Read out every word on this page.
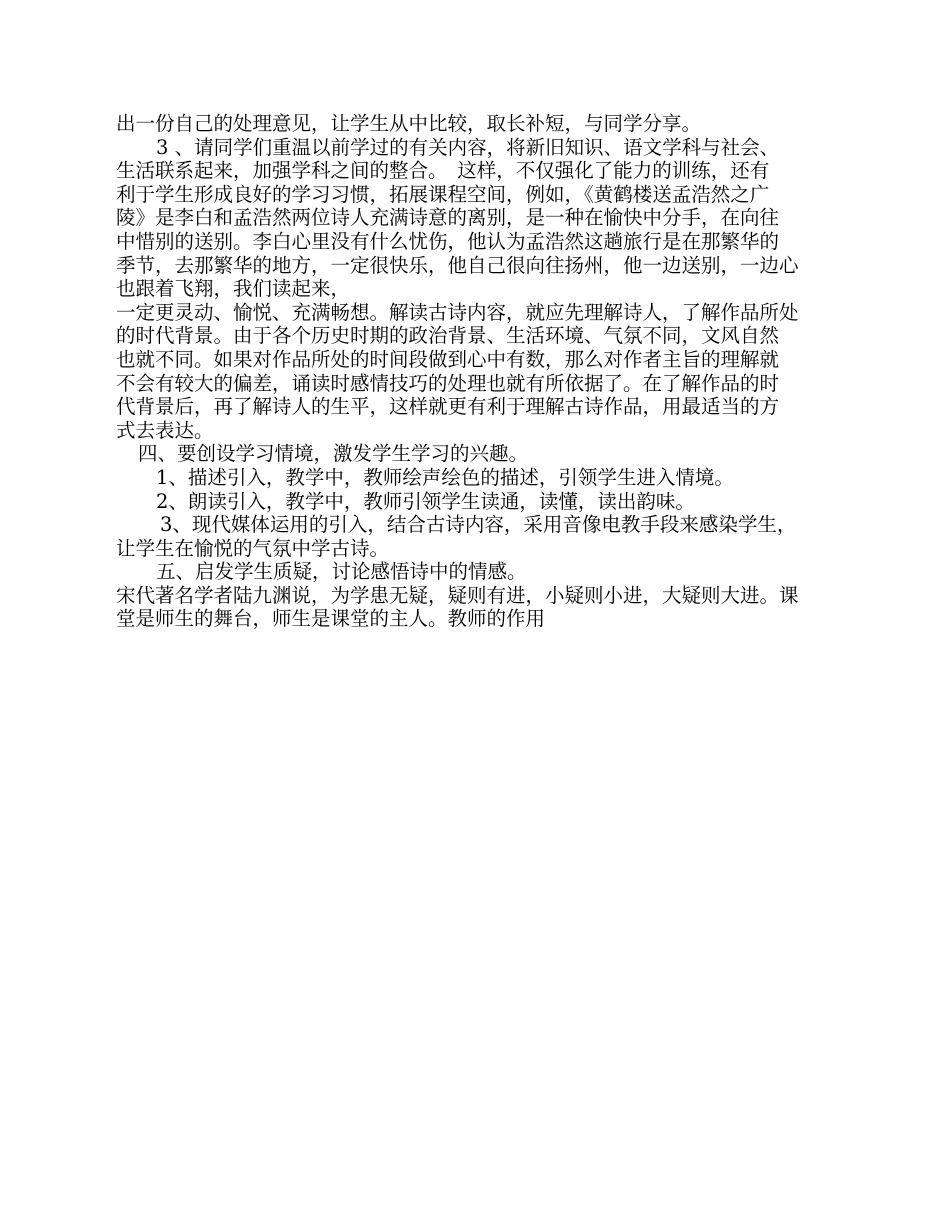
出一份自己的处理意见，让学生从中比较，取长补短，与同学分享。
3 、请同学们重温以前学过的有关内容，将新旧知识、语文学科与社会、
生活联系起来，加强学科之间的整合。　这样，不仅强化了能力的训练，还有
利于学生形成良好的学习习惯，拓展课程空间，例如，《黄鹤楼送孟浩然之广
陵》是李白和孟浩然两位诗人充满诗意的离别，是一种在愉快中分手，在向往
中惜别的送别。李白心里没有什么忧伤，他认为孟浩然这趟旅行是在那繁华的
季节，去那繁华的地方，一定很快乐，他自己很向往扬州，他一边送别，一边心
也跟着飞翔，我们读起来，
一定更灵动、愉悦、充满畅想。解读古诗内容，就应先理解诗人，了解作品所处
的时代背景。由于各个历史时期的政治背景、生活环境、气氛不同，文风自然
也就不同。如果对作品所处的时间段做到心中有数，那么对作者主旨的理解就
不会有较大的偏差，诵读时感情技巧的处理也就有所依据了。在了解作品的时
代背景后，再了解诗人的生平，这样就更有利于理解古诗作品，用最适当的方
式去表达。
四、要创设学习情境，激发学生学习的兴趣。
1、描述引入，教学中，教师绘声绘色的描述，引领学生进入情境。
2、朗读引入，教学中，教师引领学生读通，读懂，读出韵味。
3、现代媒体运用的引入，结合古诗内容，采用音像电教手段来感染学生，
让学生在愉悦的气氛中学古诗。
五、启发学生质疑，讨论感悟诗中的情感。
宋代著名学者陆九渊说，为学患无疑，疑则有进，小疑则小进，大疑则大进。课
堂是师生的舞台，师生是课堂的主人。教师的作用
